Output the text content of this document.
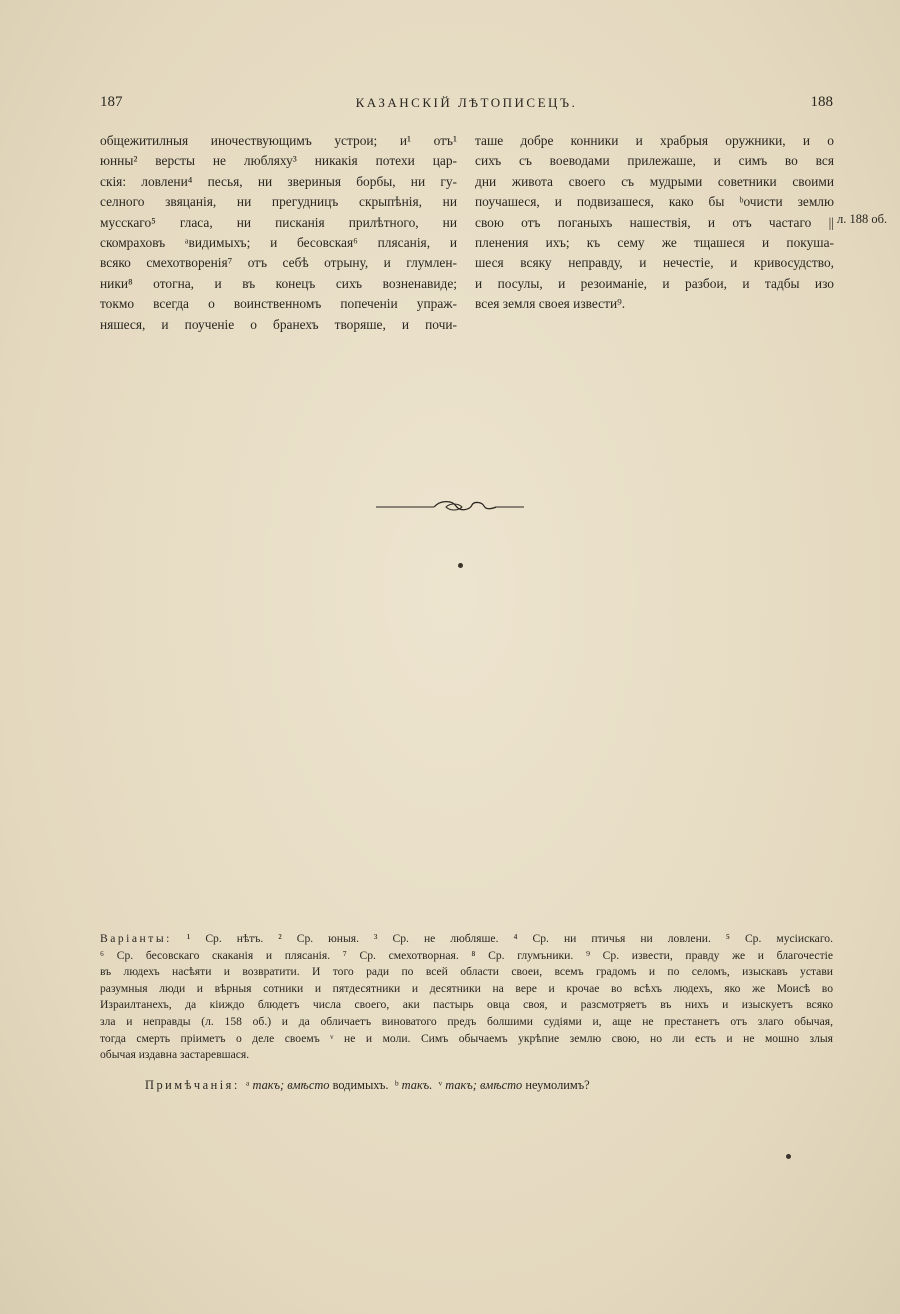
187	КАЗАНСКІЙ ЛѢТОПИСЕЦЪ.	188
общежитилныя иночествующимъ устрои; и¹ отъ¹
юнны² версты не любляху³ никакія потехи цар-
скія: ловлени⁴ песья, ни звериныя борбы, ни гу-
селного звяцанія, ни прегудницъ скрыпѣнія, ни
мусскаго⁵ гласа, ни писканія прилѣтного, ни
скомраховъ ᵃвидимыхъ; и бесовская⁶ плясанія, и
всяко смехотворенія⁷ отъ себѣ отрыну, и глумлен-
ники⁸ отогна, и въ конецъ сихъ возненавиде;
токмо всегда о воинственномъ попеченіи упраж-
няшеся, и поученіе о бранехъ творяше, и почи-
таше добре конники и храбрыя оружники, и о
сихъ съ воеводами прилежаше, и симъ во вся
дни живота своего съ мудрыми советники своими
поучашеся, и подвизашеся, како бы ᵇочисти землю
свою отъ поганыхъ нашествія, и отъ частаго ||
пленения ихъ; къ сему же тщашеся и покуша-
шеся всяку неправду, и нечестіе, и кривосудство,
и посулы, и резоиманіе, и разбои, и тадбы изо
всея земля своея извести⁹.
л. 188 об.
Варіанты: ¹ Ср. нѣтъ. ² Ср. юныя. ³ Ср. не любляше. ⁴ Ср. ни птичья ни ловлени. ⁵ Ср. мусіискаго.
⁶ Ср. бесовскаго скаканія и плясанія. ⁷ Ср. смехотворная. ⁸ Ср. глумъники. ⁹ Ср. извести, правду же и благочестіе
въ людехъ насѣяти и возвратити. И того ради по всей области своеи, всемъ градомъ и по селомъ, изыскавъ устави
разумныя люди и вѣрныя сотники и пятдесятники и десятники на вере и крочае во всѣхъ людехъ, яко же Моисѣ во
Израилтанехъ, да кіиждо блюдетъ числа своего, аки пастырь овца своя, и разсмотряетъ въ нихъ и изыскуетъ всяко
зла и неправды (л. 158 об.) и да обличаетъ виноватого предъ болшими судіями и, аще не престанетъ отъ злаго обычая,
тогда смерть пріиметъ о деле своемъ ᵛ не и моли. Симъ обычаемъ укрѣпие землю свою, но ли есть и не мошно злыя
обычая издавна застаревшася.
Примѣчанія: ᵃ такъ; вмѣсто водимыхъ. ᵇ такъ. ᵛ такъ; вмѣсто неумолимъ?
